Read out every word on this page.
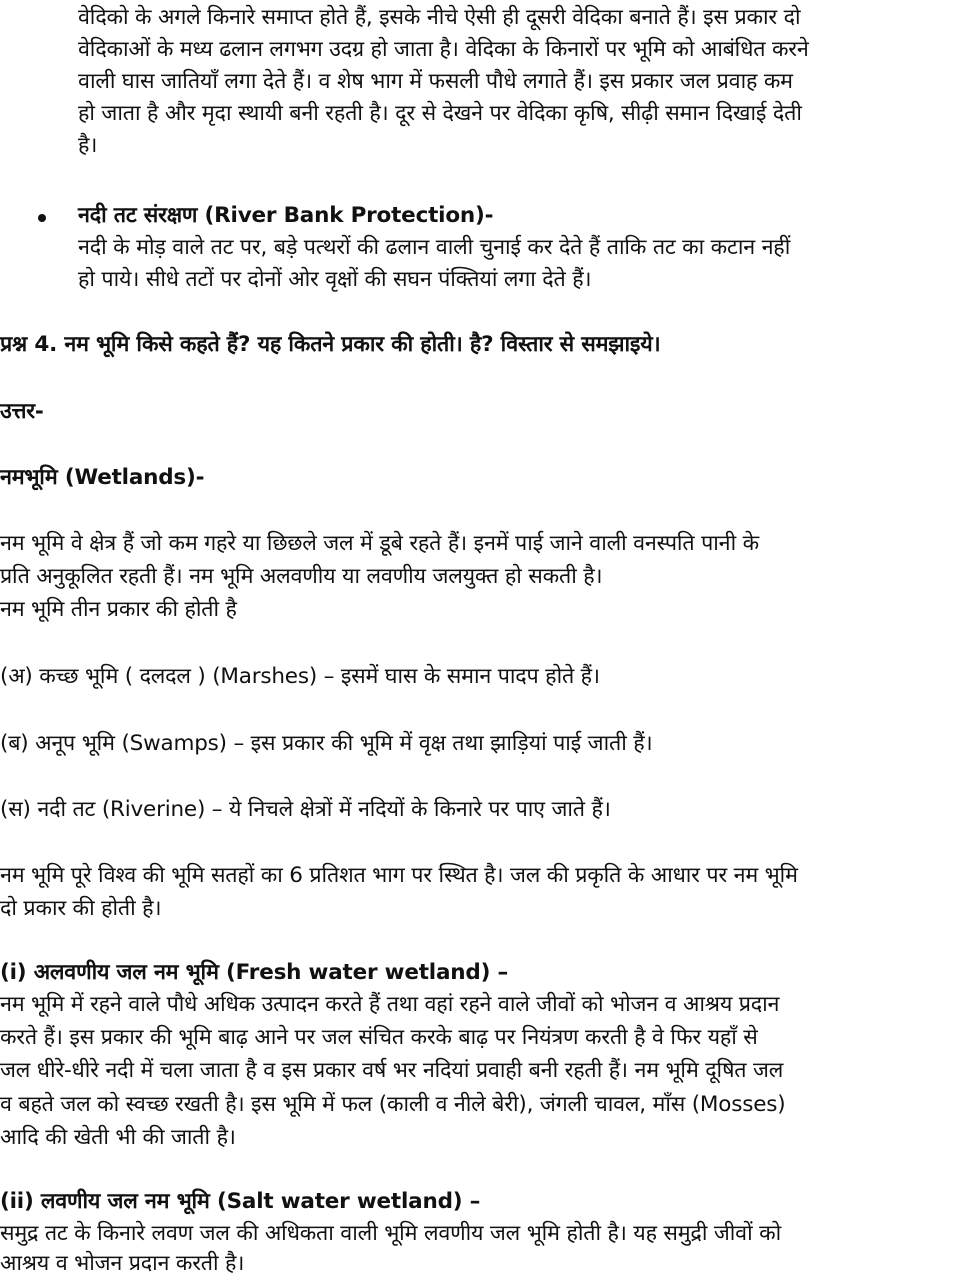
वेदिको के अगले किनारे समाप्त होते हैं, इसके नीचे ऐसी ही दूसरी वेदिका बनाते हैं। इस प्रकार दो
वेदिकाओं के मध्य ढलान लगभग उदग्र हो जाता है। वेदिका के किनारों पर भूमि को आबंधित करने
वाली घास जातियाँ लगा देते हैं। व शेष भाग में फसली पौधे लगाते हैं। इस प्रकार जल प्रवाह कम
हो जाता है और मृदा स्थायी बनी रहती है। दूर से देखने पर वेदिका कृषि, सीढ़ी समान दिखाई देती
है।
नदी तट संरक्षण (River Bank Protection)-
नदी के मोड़ वाले तट पर, बड़े पत्थरों की ढलान वाली चुनाई कर देते हैं ताकि तट का कटान नहीं
हो पाये। सीधे तटों पर दोनों ओर वृक्षों की सघन पंक्तियां लगा देते हैं।
प्रश्न 4. नम भूमि किसे कहते हैं? यह कितने प्रकार की होती। है? विस्तार से समझाइये।
उत्तर-
नमभूमि (Wetlands)-
नम भूमि वे क्षेत्र हैं जो कम गहरे या छिछले जल में डूबे रहते हैं। इनमें पाई जाने वाली वनस्पति पानी के
प्रति अनुकूलित रहती हैं। नम भूमि अलवणीय या लवणीय जलयुक्त हो सकती है।
नम भूमि तीन प्रकार की होती है
(अ) कच्छ भूमि ( दलदल ) (Marshes) – इसमें घास के समान पादप होते हैं।
(ब) अनूप भूमि (Swamps) – इस प्रकार की भूमि में वृक्ष तथा झाड़ियां पाई जाती हैं।
(स) नदी तट (Riverine) – ये निचले क्षेत्रों में नदियों के किनारे पर पाए जाते हैं।
नम भूमि पूरे विश्व की भूमि सतहों का 6 प्रतिशत भाग पर स्थित है। जल की प्रकृति के आधार पर नम भूमि
दो प्रकार की होती है।
(i) अलवणीय जल नम भूमि (Fresh water wetland) –
नम भूमि में रहने वाले पौधे अधिक उत्पादन करते हैं तथा वहां रहने वाले जीवों को भोजन व आश्रय प्रदान
करते हैं। इस प्रकार की भूमि बाढ़ आने पर जल संचित करके बाढ़ पर नियंत्रण करती है वे फिर यहाँ से
जल धीरे-धीरे नदी में चला जाता है व इस प्रकार वर्ष भर नदियां प्रवाही बनी रहती हैं। नम भूमि दूषित जल
व बहते जल को स्वच्छ रखती है। इस भूमि में फल (काली व नीले बेरी), जंगली चावल, माँस (Mosses)
आदि की खेती भी की जाती है।
(ii) लवणीय जल नम भूमि (Salt water wetland) –
समुद्र तट के किनारे लवण जल की अधिकता वाली भूमि लवणीय जल भूमि होती है। यह समुद्री जीवों को
आश्रय व भोजन प्रदान करती है।
